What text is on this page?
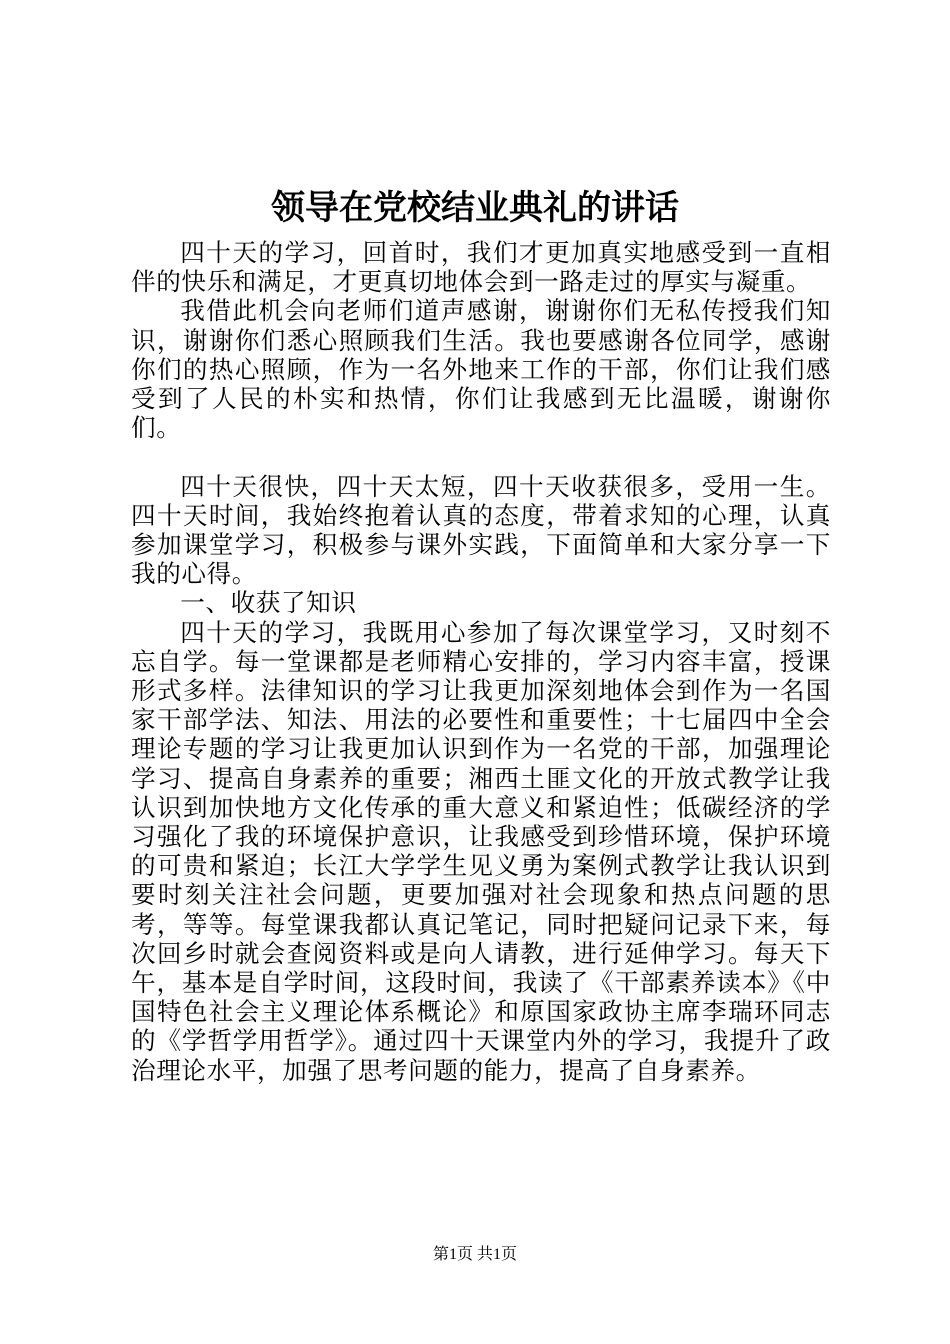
领导在党校结业典礼的讲话

四十天的学习，回首时，我们才更加真实地感受到一直相伴的快乐和满足，才更真切地体会到一路走过的厚实与凝重。

我借此机会向老师们道声感谢，谢谢你们无私传授我们知识，谢谢你们悉心照顾我们生活。我也要感谢各位同学，感谢你们的热心照顾，作为一名外地来工作的干部，你们让我们感受到了人民的朴实和热情，你们让我感到无比温暖，谢谢你们。

四十天很快，四十天太短，四十天收获很多，受用一生。四十天时间，我始终抱着认真的态度，带着求知的心理，认真参加课堂学习，积极参与课外实践，下面简单和大家分享一下我的心得。

一、收获了知识

四十天的学习，我既用心参加了每次课堂学习，又时刻不忘自学。每一堂课都是老师精心安排的，学习内容丰富，授课形式多样。法律知识的学习让我更加深刻地体会到作为一名国家干部学法、知法、用法的必要性和重要性；十七届四中全会理论专题的学习让我更加认识到作为一名党的干部，加强理论学习、提高自身素养的重要；湘西土匪文化的开放式教学让我认识到加快地方文化传承的重大意义和紧迫性；低碳经济的学习强化了我的环境保护意识，让我感受到珍惜环境，保护环境的可贵和紧迫；长江大学学生见义勇为案例式教学让我认识到要时刻关注社会问题，更要加强对社会现象和热点问题的思考，等等。每堂课我都认真记笔记，同时把疑问记录下来，每次回乡时就会查阅资料或是向人请教，进行延伸学习。每天下午，基本是自学时间，这段时间，我读了《干部素养读本》《中国特色社会主义理论体系概论》和原国家政协主席李瑞环同志的《学哲学用哲学》。通过四十天课堂内外的学习，我提升了政治理论水平，加强了思考问题的能力，提高了自身素养。

第1页 共1页
